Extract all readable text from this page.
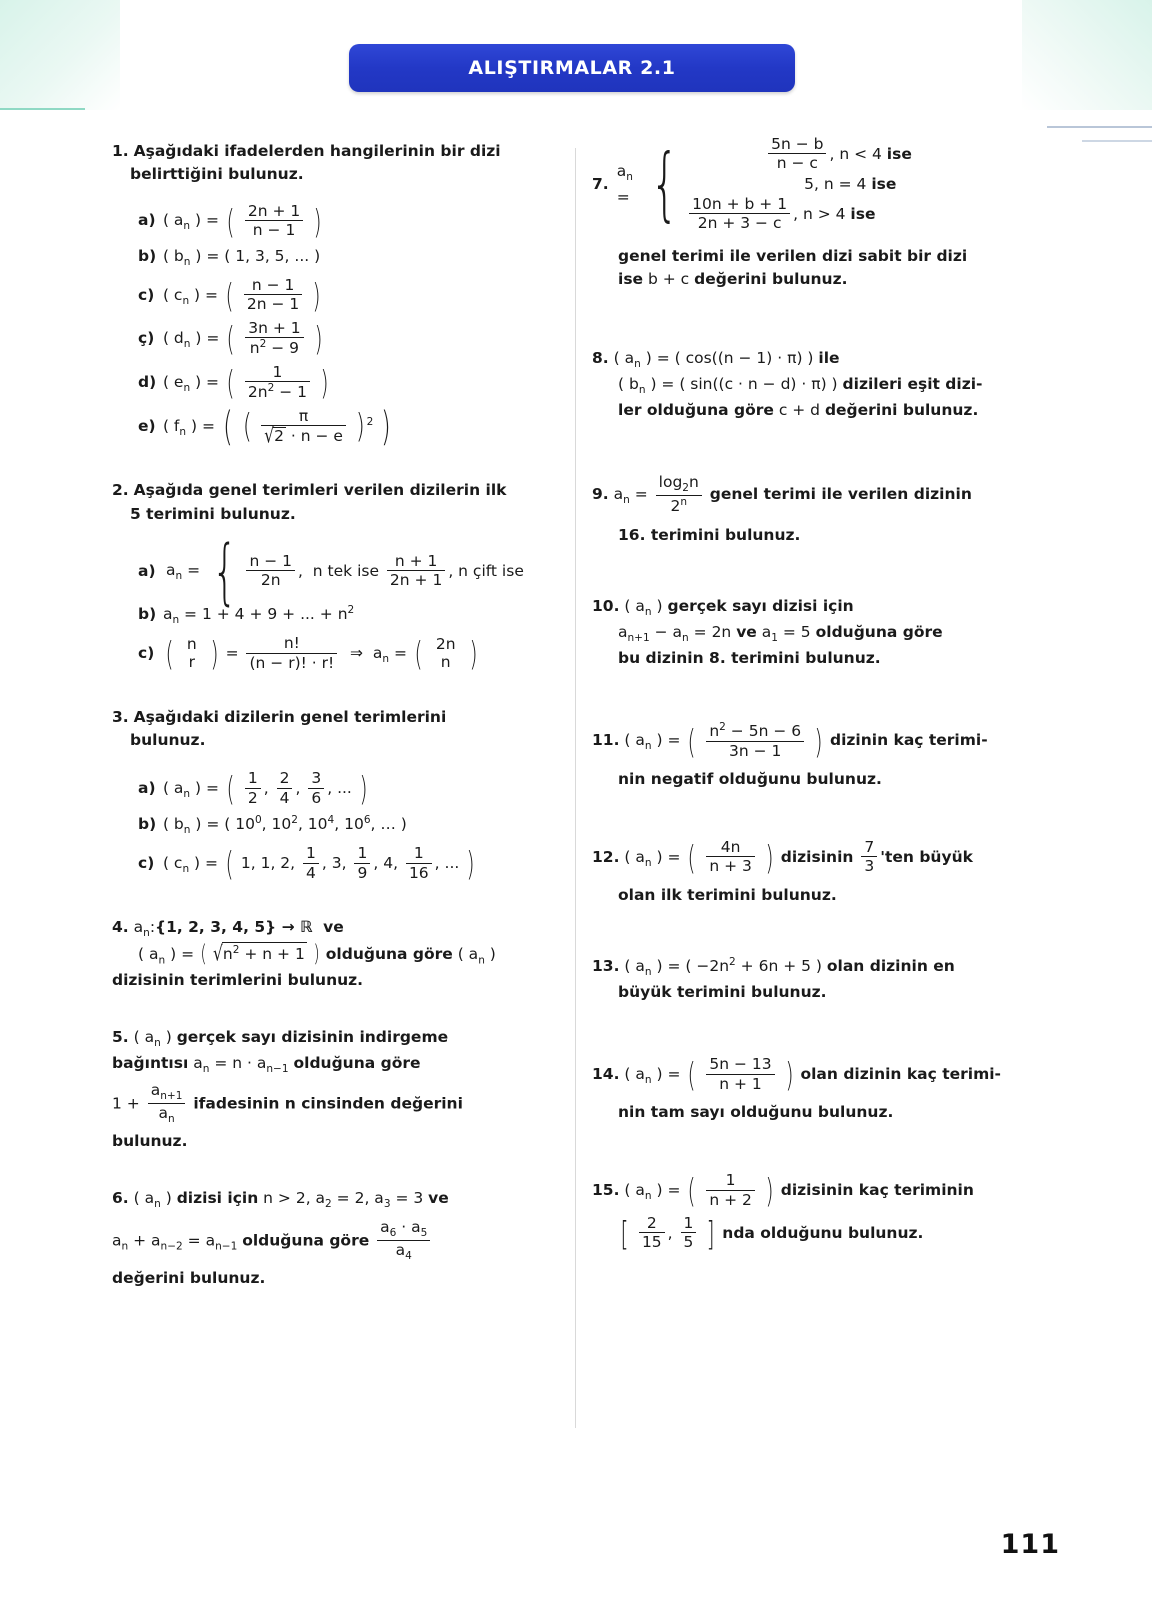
ALIŞTIRMALAR 2.1
1. Aşağıdaki ifadelerden hangilerinin bir dizi
belirttiğini bulunuz.
a) ( $a_n$ ) = ( $\frac{2n + 1}{n - 1}$ )
b) ( $b_n$ ) = ( 1, 3, 5, ... )
c) ( $c_n$ ) = ( $\frac{n - 1}{2n - 1}$ )
ç) ( $d_n$ ) = ( $\frac{3n + 1}{n^2 - 9}$ )
d) ( $e_n$ ) = ( $\frac{1}{2n^2 - 1}$ )
e) ( $f_n$ ) = ( ( $\frac{\pi}{√2 \cdot n - e}$ ) $^2$ )
2. Aşağıda genel terimleri verilen dizilerin ilk
5 terimini bulunuz.
a) $a_n$ = { $\frac{n - 1}{2n}$ ,  n tek ise $\frac{n + 1}{2n + 1}$ , n çift ise
b) $a_n = 1 + 4 + 9$ + ... + $n^2$
c) ( n
r ) = $\frac{n!}{(n - r)! \cdot r!}$ ⇒  $a_n$ = ( 2n
n )
3. Aşağıdaki dizilerin genel terimlerini
bulunuz.
a) ( $a_n$ ) = ( $\frac{1}{2}$ , $\frac{2}{4}$ , $\frac{3}{6}$ , ... )
b) ( $b_n$ ) = ( $10^0$, $10^2$, $10^4$, $10^6$, … )
c) ( $c_n$ ) = ( 1, 1, 2, $\frac{1}{4}$ , 3, $\frac{1}{9}$ , 4, $\frac{1}{16}$ , ... )
4. $a_n:\{1$, 2, 3, 4, 5} → ℝ  ve
( $a_n$ ) = ( $√n^2 + n + 1$ ) olduğuna göre ( $a_n$ )
dizisinin terimlerini bulunuz.
5. ( $a_n$ ) gerçek sayı dizisinin indirgeme
bağıntısı $a_n = n \cdot a_{n-1}$ olduğuna göre
$1 + \frac{a_{n+1}}{a_n}$ ifadesinin n cinsinden değerini
bulunuz.
6. ( $a_n$ ) dizisi için n > 2, $a_2 = 2$, $a_3 = 3$ ve
$a_n + a_{n-2} = a_{n-1}$ olduğuna göre $\frac{a_6 \cdot a_5}{a_4}$
değerini bulunuz.
7.
$a_n$ = {
	$\frac{5n - b}{n - c}$ , n < 4 ise 5, n = 4 ise
$\frac{10n + b + 1}{2n + 3 - c}$ , n > 4 ise
genel terimi ile verilen dizi sabit bir dizi
ise b + c değerini bulunuz.
8. ( $a_n$ ) = ( cos((n − 1) · π) ) ile
( $b_n$ ) = ( sin((c · n − d) · π) ) dizileri eşit dizi-
ler olduğuna göre c + d değerini bulunuz.
9. $a_n = \frac{\log_2n}{2^n}$ genel terimi ile verilen dizinin
16. terimini bulunuz.
10. ( $a_n$ ) gerçek sayı dizisi için
$a_{n+1} - a_n = 2n$ ve $a_1 = 5$ olduğuna göre
bu dizinin 8. terimini bulunuz.
11. ( $a_n$ ) = ( $\frac{n^2 - 5n - 6}{3n - 1}$ ) dizinin kaç terimi-
nin negatif olduğunu bulunuz.
12. ( $a_n$ ) = ( $\frac{4n}{n + 3}$ ) dizisinin $\frac{7}{3}$ 'ten büyük
olan ilk terimini bulunuz.
13. ( $a_n$ ) = ( $-2n^2 + 6n + 5$ ) olan dizinin en
büyük terimini bulunuz.
14. ( $a_n$ ) = ( $\frac{5n - 13}{n + 1}$ ) olan dizinin kaç terimi-
nin tam sayı olduğunu bulunuz.
15. ( $a_n$ ) = ( $\frac{1}{n + 2}$ ) dizisinin kaç teriminin
[ $\frac{2}{15}$ , $\frac{1}{5}$ ] nda olduğunu bulunuz.
111
